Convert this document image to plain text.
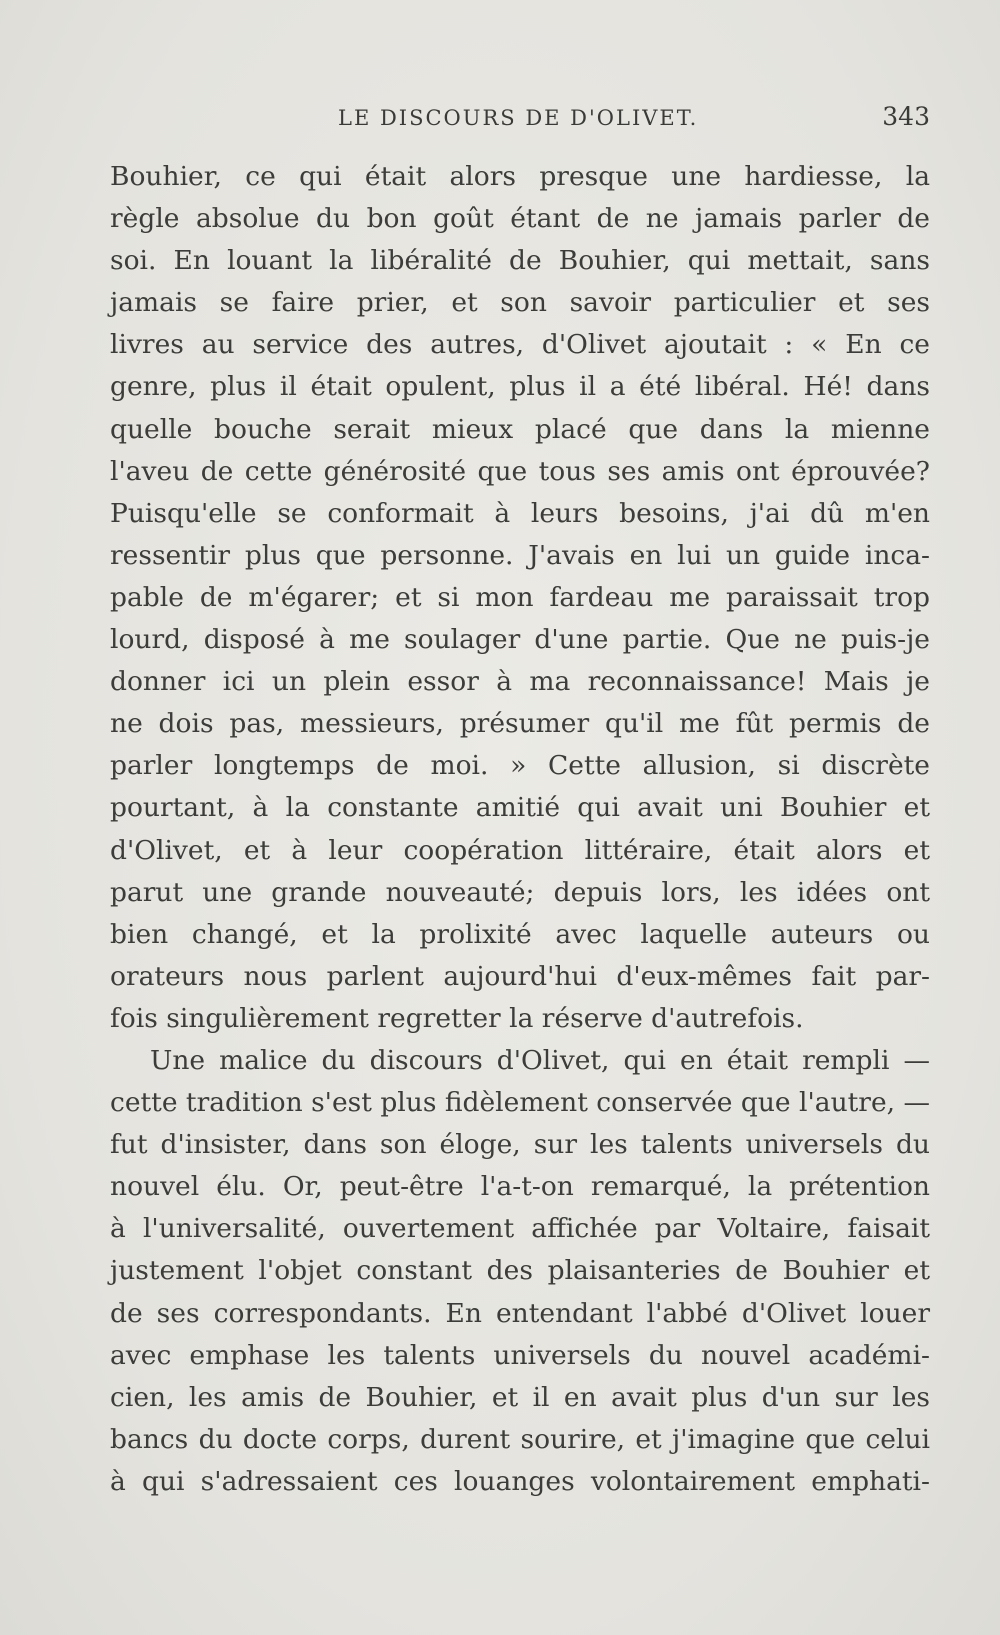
LE DISCOURS DE D'OLIVET.	343
Bouhier, ce qui était alors presque une hardiesse, la
règle absolue du bon goût étant de ne jamais parler de
soi. En louant la libéralité de Bouhier, qui mettait, sans
jamais se faire prier, et son savoir particulier et ses
livres au service des autres, d'Olivet ajoutait : « En ce
genre, plus il était opulent, plus il a été libéral. Hé! dans
quelle bouche serait mieux placé que dans la mienne
l'aveu de cette générosité que tous ses amis ont éprouvée?
Puisqu'elle se conformait à leurs besoins, j'ai dû m'en
ressentir plus que personne. J'avais en lui un guide inca-
pable de m'égarer; et si mon fardeau me paraissait trop
lourd, disposé à me soulager d'une partie. Que ne puis-je
donner ici un plein essor à ma reconnaissance! Mais je
ne dois pas, messieurs, présumer qu'il me fût permis de
parler longtemps de moi. » Cette allusion, si discrète
pourtant, à la constante amitié qui avait uni Bouhier et
d'Olivet, et à leur coopération littéraire, était alors et
parut une grande nouveauté; depuis lors, les idées ont
bien changé, et la prolixité avec laquelle auteurs ou
orateurs nous parlent aujourd'hui d'eux-mêmes fait par-
fois singulièrement regretter la réserve d'autrefois.
Une malice du discours d'Olivet, qui en était rempli —
cette tradition s'est plus fidèlement conservée que l'autre, —
fut d'insister, dans son éloge, sur les talents universels du
nouvel élu. Or, peut-être l'a-t-on remarqué, la prétention
à l'universalité, ouvertement affichée par Voltaire, faisait
justement l'objet constant des plaisanteries de Bouhier et
de ses correspondants. En entendant l'abbé d'Olivet louer
avec emphase les talents universels du nouvel académi-
cien, les amis de Bouhier, et il en avait plus d'un sur les
bancs du docte corps, durent sourire, et j'imagine que celui
à qui s'adressaient ces louanges volontairement emphati-
